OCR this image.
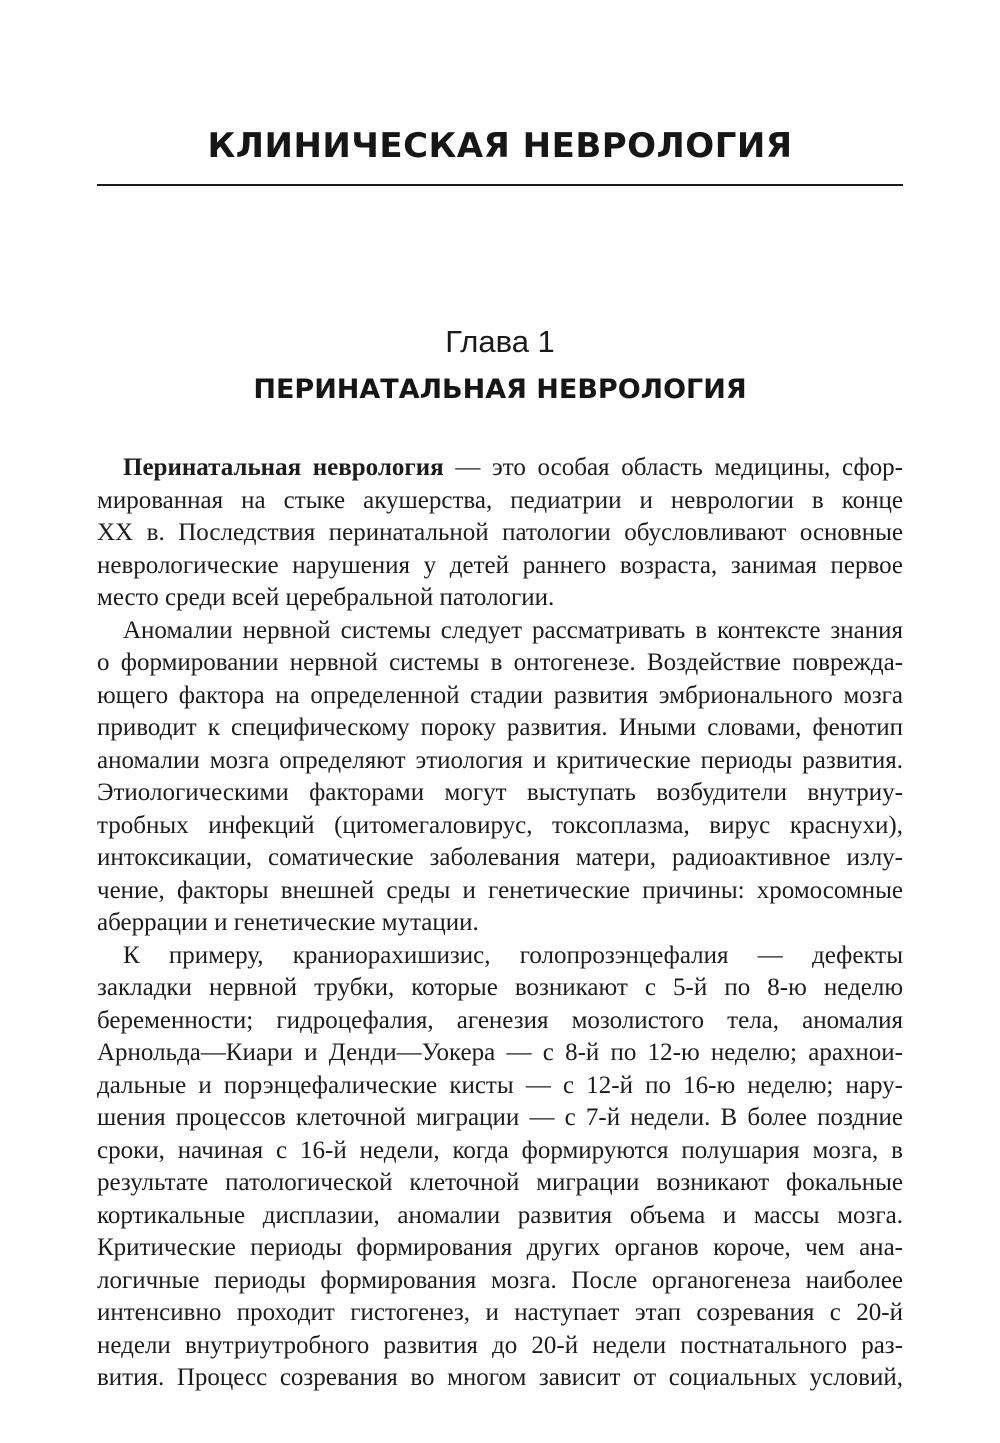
КЛИНИЧЕСКАЯ НЕВРОЛОГИЯ
Глава 1
ПЕРИНАТАЛЬНАЯ НЕВРОЛОГИЯ

Перинатальная неврология — это особая область медицины, сфор-
мированная на стыке акушерства, педиатрии и неврологии в конце
XX в. Последствия перинатальной патологии обусловливают основные
неврологические нарушения у детей раннего возраста, занимая первое
место среди всей церебральной патологии.

Аномалии нервной системы следует рассматривать в контексте знания
о формировании нервной системы в онтогенезе. Воздействие поврежда-
ющего фактора на определенной стадии развития эмбрионального мозга
приводит к специфическому пороку развития. Иными словами, фенотип
аномалии мозга определяют этиология и критические периоды развития.
Этиологическими факторами могут выступать возбудители внутриу-
тробных инфекций (цитомегаловирус, токсоплазма, вирус краснухи),
интоксикации, соматические заболевания матери, радиоактивное излу-
чение, факторы внешней среды и генетические причины: хромосомные
аберрации и генетические мутации.

К примеру, краниорахишизис, голопрозэнцефалия — дефекты
закладки нервной трубки, которые возникают с 5-й по 8-ю неделю
беременности; гидроцефалия, агенезия мозолистого тела, аномалия
Арнольда—Киари и Денди—Уокера — с 8-й по 12-ю неделю; арахнои-
дальные и порэнцефалические кисты — с 12-й по 16-ю неделю; нару-
шения процессов клеточной миграции — с 7-й недели. В более поздние
сроки, начиная с 16-й недели, когда формируются полушария мозга, в
результате патологической клеточной миграции возникают фокальные
кортикальные дисплазии, аномалии развития объема и массы мозга.
Критические периоды формирования других органов короче, чем ана-
логичные периоды формирования мозга. После органогенеза наиболее
интенсивно проходит гистогенез, и наступает этап созревания с 20-й
недели внутриутробного развития до 20-й недели постнатального раз-
вития. Процесс созревания во многом зависит от социальных условий,
